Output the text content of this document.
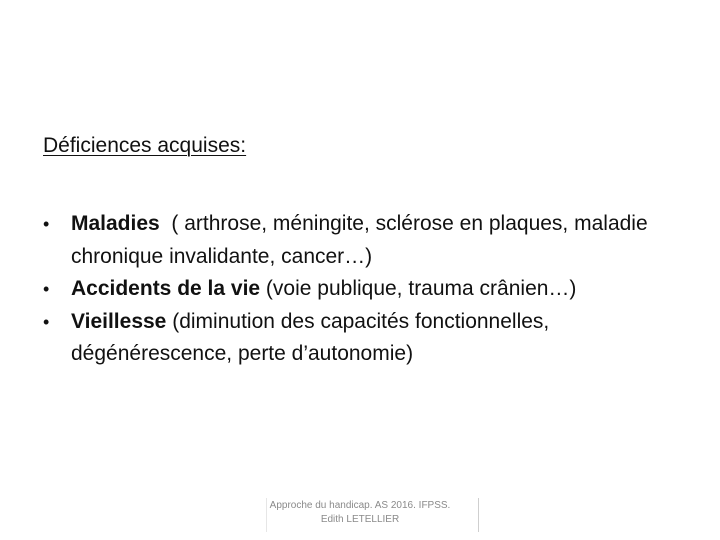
Déficiences acquises:
•	Maladies  ( arthrose, méningite, sclérose en plaques, maladie chronique invalidante, cancer…)
•	Accidents de la vie (voie publique, trauma crânien…)
•	Vieillesse (diminution des capacités fonctionnelles, dégénérescence, perte d’autonomie)
Approche du handicap. AS 2016. IFPSS.
Edith LETELLIER
